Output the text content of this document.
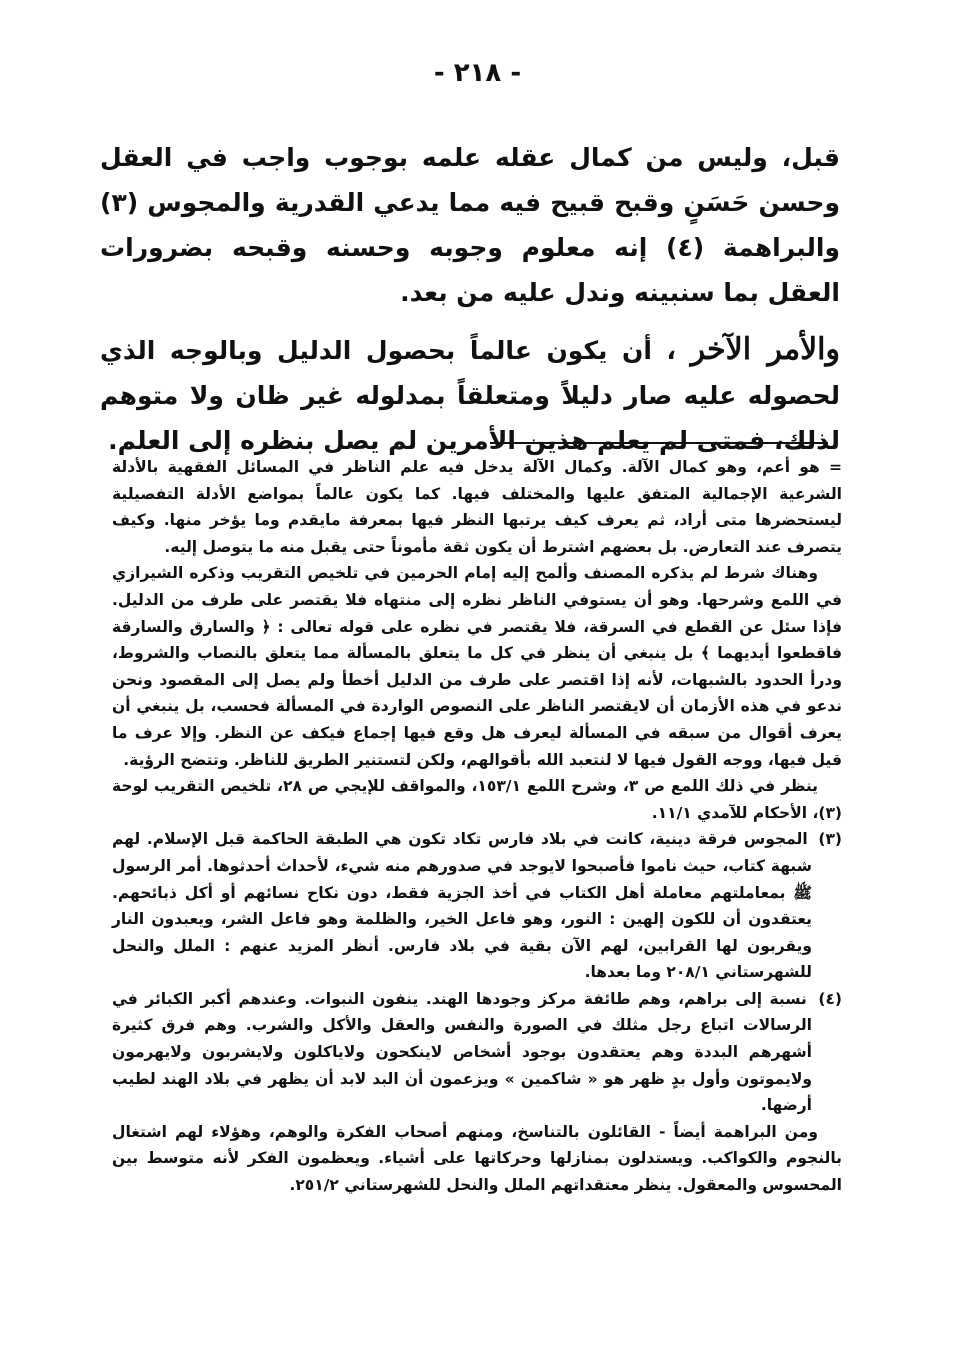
- ٢١٨ -

قبل، وليس من كمال عقله علمه بوجوب واجب في العقل وحسن حَسَنٍ وقبح قبيح فيه مما يدعي القدرية والمجوس (٣) والبراهمة (٤) إنه معلوم وجوبه وحسنه وقبحه بضرورات العقل بما سنبينه وندل عليه من بعد.

والأمر الآخر ، أن يكون عالماً بحصول الدليل وبالوجه الذي لحصوله عليه صار دليلاً ومتعلقاً بمدلوله غير ظان ولا متوهم لذلك، فمتى لم يعلم هذين الأمرين لم يصل بنظره إلى العلم.

= هو أعم، وهو كمال الآلة. وكمال الآلة يدخل فيه علم الناظر في المسائل الفقهية بالأدلة الشرعية الإجمالية المتفق عليها والمختلف فيها. كما يكون عالماً بمواضع الأدلة التفصيلية ليستحضرها متى أراد، ثم يعرف كيف يرتبها النظر فيها بمعرفة مايقدم وما يؤخر منها. وكيف يتصرف عند التعارض. بل بعضهم اشترط أن يكون ثقة مأموناً حتى يقبل منه ما يتوصل إليه.

وهناك شرط لم يذكره المصنف وألمح إليه إمام الحرمين في تلخيص التقريب وذكره الشيرازي في اللمع وشرحها. وهو أن يستوفي الناظر نظره إلى منتهاه فلا يقتصر على طرف من الدليل. فإذا سئل عن القطع في السرقة، فلا يقتصر في نظره على قوله تعالى : ﴿ والسارق والسارقة فاقطعوا أيديهما ﴾ بل ينبغي أن ينظر في كل ما يتعلق بالمسألة مما يتعلق بالنصاب والشروط، ودرأ الحدود بالشبهات، لأنه إذا اقتصر على طرف من الدليل أخطأ ولم يصل إلى المقصود ونحن ندعو في هذه الأزمان أن لايقتصر الناظر على النصوص الواردة في المسألة فحسب، بل ينبغي أن يعرف أقوال من سبقه في المسألة ليعرف هل وقع فيها إجماع فيكف عن النظر. وإلا عرف ما قيل فيها، ووجه القول فيها لا لنتعبد الله بأقوالهم، ولكن لتستنير الطريق للناظر. وتتضح الرؤية.

ينظر في ذلك اللمع ص ٣، وشرح اللمع ١٥٣/١، والمواقف للإيجي ص ٢٨، تلخيص التقريب لوحة (٣)، الأحكام للآمدي ١١/١.

(٣) المجوس فرقة دينية، كانت في بلاد فارس تكاد تكون هي الطبقة الحاكمة قبل الإسلام. لهم شبهة كتاب، حيث ناموا فأصبحوا لايوجد في صدورهم منه شيء، لأحداث أحدثوها. أمر الرسول ﷺ بمعاملتهم معاملة أهل الكتاب في أخذ الجزية فقط، دون نكاح نسائهم أو أكل ذبائحهم. يعتقدون أن للكون إلهين : النور، وهو فاعل الخير، والظلمة وهو فاعل الشر، ويعبدون النار ويقربون لها القرابين، لهم الآن بقية في بلاد فارس. أنظر المزيد عنهم : الملل والنحل للشهرستاني ٢٠٨/١ وما بعدها.

(٤) نسبة إلى براهم، وهم طائفة مركز وجودها الهند. ينفون النبوات. وعندهم أكبر الكبائر في الرسالات اتباع رجل مثلك في الصورة والنفس والعقل والأكل والشرب. وهم فرق كثيرة أشهرهم البددة وهم يعتقدون بوجود أشخاص لاينكحون ولاياكلون ولايشربون ولايهرمون ولايموتون وأول بدٍ ظهر هو « شاكمين » ويزعمون أن البد لابد أن يظهر في بلاد الهند لطيب أرضها.

ومن البراهمة أيضاً - القائلون بالتناسخ، ومنهم أصحاب الفكرة والوهم، وهؤلاء لهم اشتغال بالنجوم والكواكب. ويستدلون بمنازلها وحركاتها على أشياء. ويعظمون الفكر لأنه متوسط بين المحسوس والمعقول. ينظر معتقداتهم الملل والنحل للشهرستاني ٢٥١/٢.
